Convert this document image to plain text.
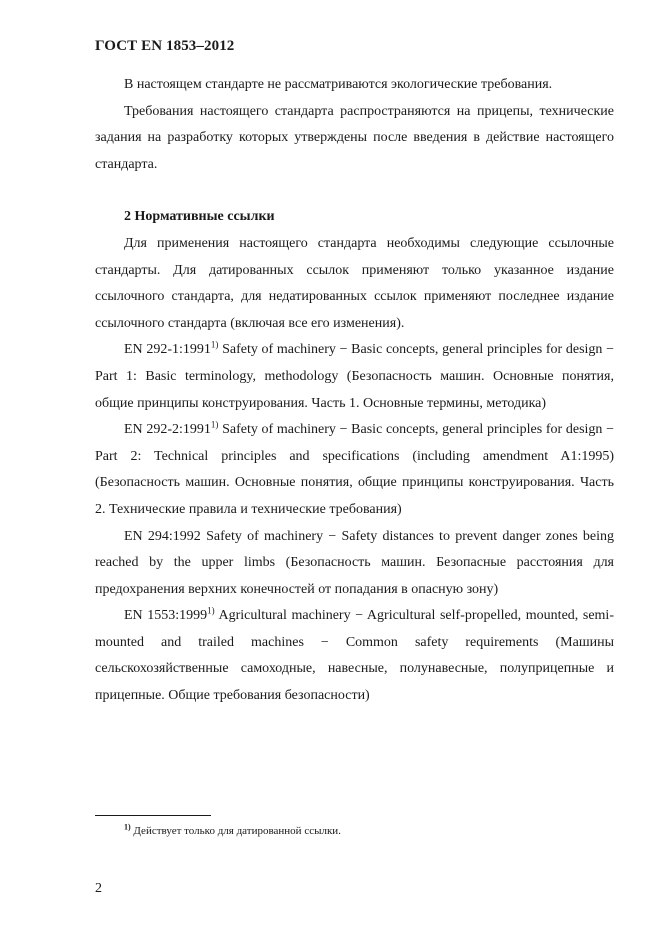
ГОСТ EN 1853–2012

В настоящем стандарте не рассматриваются экологические требования.

Требования настоящего стандарта распространяются на прицепы, технические задания на разработку которых утверждены после введения в действие настоящего стандарта.

2 Нормативные ссылки

Для применения настоящего стандарта необходимы следующие ссылочные стандарты. Для датированных ссылок применяют только указанное издание ссылочного стандарта, для недатированных ссылок применяют последнее издание ссылочного стандарта (включая все его изменения).

EN 292-1:1991$^{1)}$ Safety of machinery − Basic concepts, general principles for design − Part 1: Basic terminology, methodology (Безопасность машин. Основные понятия, общие принципы конструирования. Часть 1. Основные термины, методика)

EN 292-2:1991$^{1)}$ Safety of machinery − Basic concepts, general principles for design − Part 2: Technical principles and specifications (including amendment A1:1995) (Безопасность машин. Основные понятия, общие принципы конструирования. Часть 2. Технические правила и технические требования)

EN 294:1992 Safety of machinery − Safety distances to prevent danger zones being reached by the upper limbs (Безопасность машин. Безопасные расстояния для предохранения верхних конечностей от попадания в опасную зону)

EN 1553:1999$^{1)}$ Agricultural machinery − Agricultural self-propelled, mounted, semi-mounted and trailed machines − Common safety requirements (Машины сельскохозяйственные самоходные, навесные, полунавесные, полуприцепные и прицепные. Общие требования безопасности)

$^{1)}$ Действует только для датированной ссылки.
2
